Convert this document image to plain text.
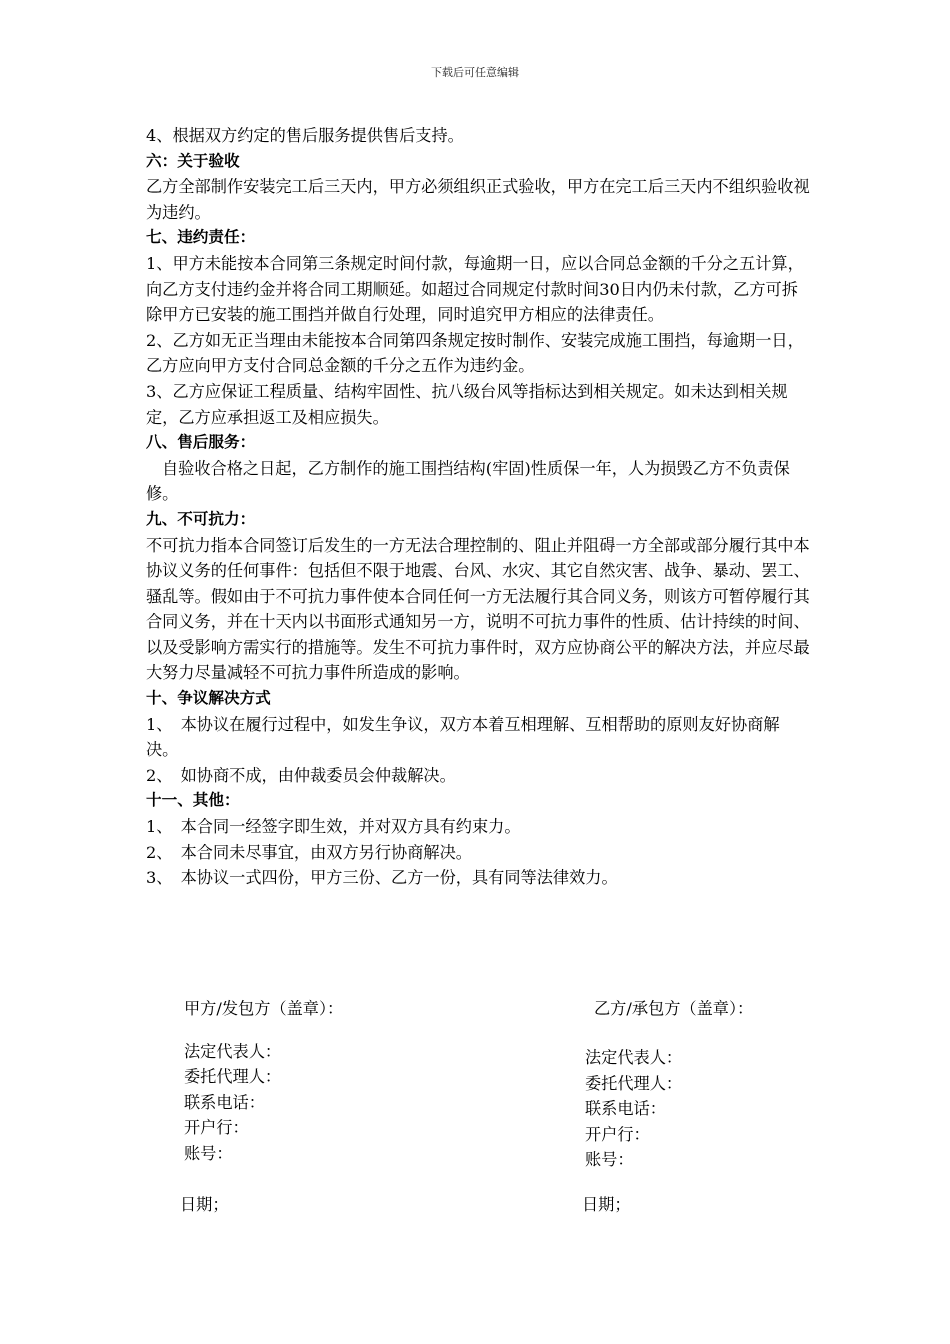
下载后可任意编辑

4、根据双方约定的售后服务提供售后支持。

六：关于验收

乙方全部制作安装完工后三天内，甲方必须组织正式验收，甲方在完工后三天内不组织验收视为违约。

七、违约责任：

1、甲方未能按本合同第三条规定时间付款，每逾期一日，应以合同总金额的千分之五计算，向乙方支付违约金并将合同工期顺延。如超过合同规定付款时间30日内仍未付款，乙方可拆除甲方已安装的施工围挡并做自行处理，同时追究甲方相应的法律责任。

2、乙方如无正当理由未能按本合同第四条规定按时制作、安装完成施工围挡，每逾期一日，乙方应向甲方支付合同总金额的千分之五作为违约金。

3、乙方应保证工程质量、结构牢固性、抗八级台风等指标达到相关规定。如未达到相关规定，乙方应承担返工及相应损失。

八、售后服务：

自验收合格之日起，乙方制作的施工围挡结构(牢固)性质保一年，人为损毁乙方不负责保修。

九、不可抗力：

不可抗力指本合同签订后发生的一方无法合理控制的、阻止并阻碍一方全部或部分履行其中本协议义务的任何事件：包括但不限于地震、台风、水灾、其它自然灾害、战争、暴动、罢工、骚乱等。假如由于不可抗力事件使本合同任何一方无法履行其合同义务，则该方可暂停履行其合同义务，并在十天内以书面形式通知另一方，说明不可抗力事件的性质、估计持续的时间、以及受影响方需实行的措施等。发生不可抗力事件时，双方应协商公平的解决方法，并应尽最大努力尽量减轻不可抗力事件所造成的影响。

十、争议解决方式

1、　本协议在履行过程中，如发生争议，双方本着互相理解、互相帮助的原则友好协商解决。

2、　如协商不成，由仲裁委员会仲裁解决。

十一、其他：

1、　本合同一经签字即生效，并对双方具有约束力。

2、　本合同未尽事宜，由双方另行协商解决。

3、　本协议一式四份，甲方三份、乙方一份，具有同等法律效力。

甲方/发包方（盖章）：

法定代表人：

委托代理人：

联系电话：

开户行：

账号：

日期；
乙方/承包方（盖章）：

法定代表人：

委托代理人：

联系电话：

开户行：

账号：

日期；
